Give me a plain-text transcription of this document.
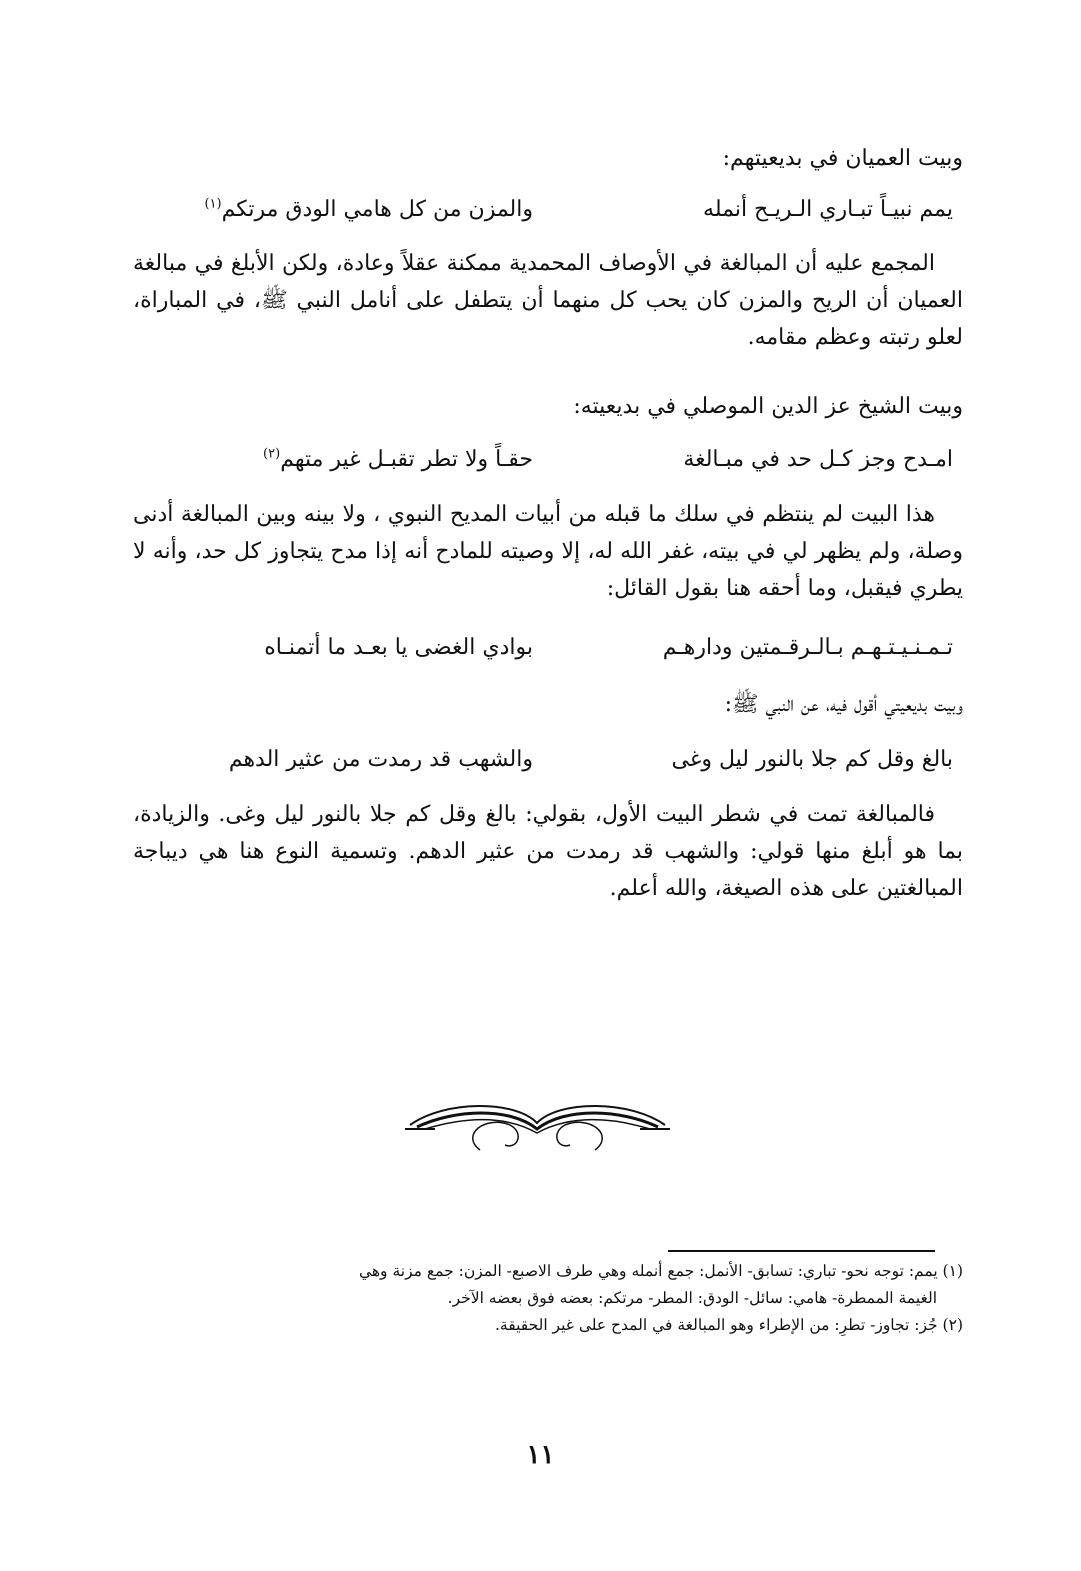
وبيت العميان في بديعيتهم:
يمم نبيـاً تبـاري الـريـح أنمله
والمزن من كل هامي الودق مرتكم$^{(١)}$
المجمع عليه أن المبالغة في الأوصاف المحمدية ممكنة عقلاً وعادة، ولكن الأبلغ في مبالغة العميان أن الريح والمزن كان يحب كل منهما أن يتطفل على أنامل النبي ﷺ، في المباراة، لعلو رتبته وعظم مقامه.
وبيت الشيخ عز الدين الموصلي في بديعيته:
امـدح وجز كـل حد في مبـالغة
حقـاً ولا تطر تقبـل غير متهم$^{(٢)}$
هذا البيت لم ينتظم في سلك ما قبله من أبيات المديح النبوي ، ولا بينه وبين المبالغة أدنى وصلة، ولم يظهر لي في بيته، غفر الله له، إلا وصيته للمادح أنه إذا مدح يتجاوز كل حد، وأنه لا يطري فيقبل، وما أحقه هنا بقول القائل:
تـمـنـيـتـهـم بـالـرقـمتين ودارهـم
بوادي الغضى يا بعـد ما أتمنـاه
وبيت بديعيتي أقول فيه، عن النبي ﷺ:
بالغ وقل كم جلا بالنور ليل وغى
والشهب قد رمدت من عثير الدهم
فالمبالغة تمت في شطر البيت الأول، بقولي: بالغ وقل كم جلا بالنور ليل وغى. والزيادة، بما هو أبلغ منها قولي: والشهب قد رمدت من عثير الدهم. وتسمية النوع هنا هي ديباجة المبالغتين على هذه الصيغة، والله أعلم.

(١) يمم: توجه نحو- تباري: تسابق- الأنمل: جمع أنمله وهي طرف الاصبع- المزن: جمع مزنة وهي

الغيمة الممطرة- هامي: سائل- الودق: المطر- مرتكم: بعضه فوق بعضه الآخر.

(٢) جُز: تجاوز- تطرِ: من الإطراء وهو المبالغة في المدح على غير الحقيقة.

١١
